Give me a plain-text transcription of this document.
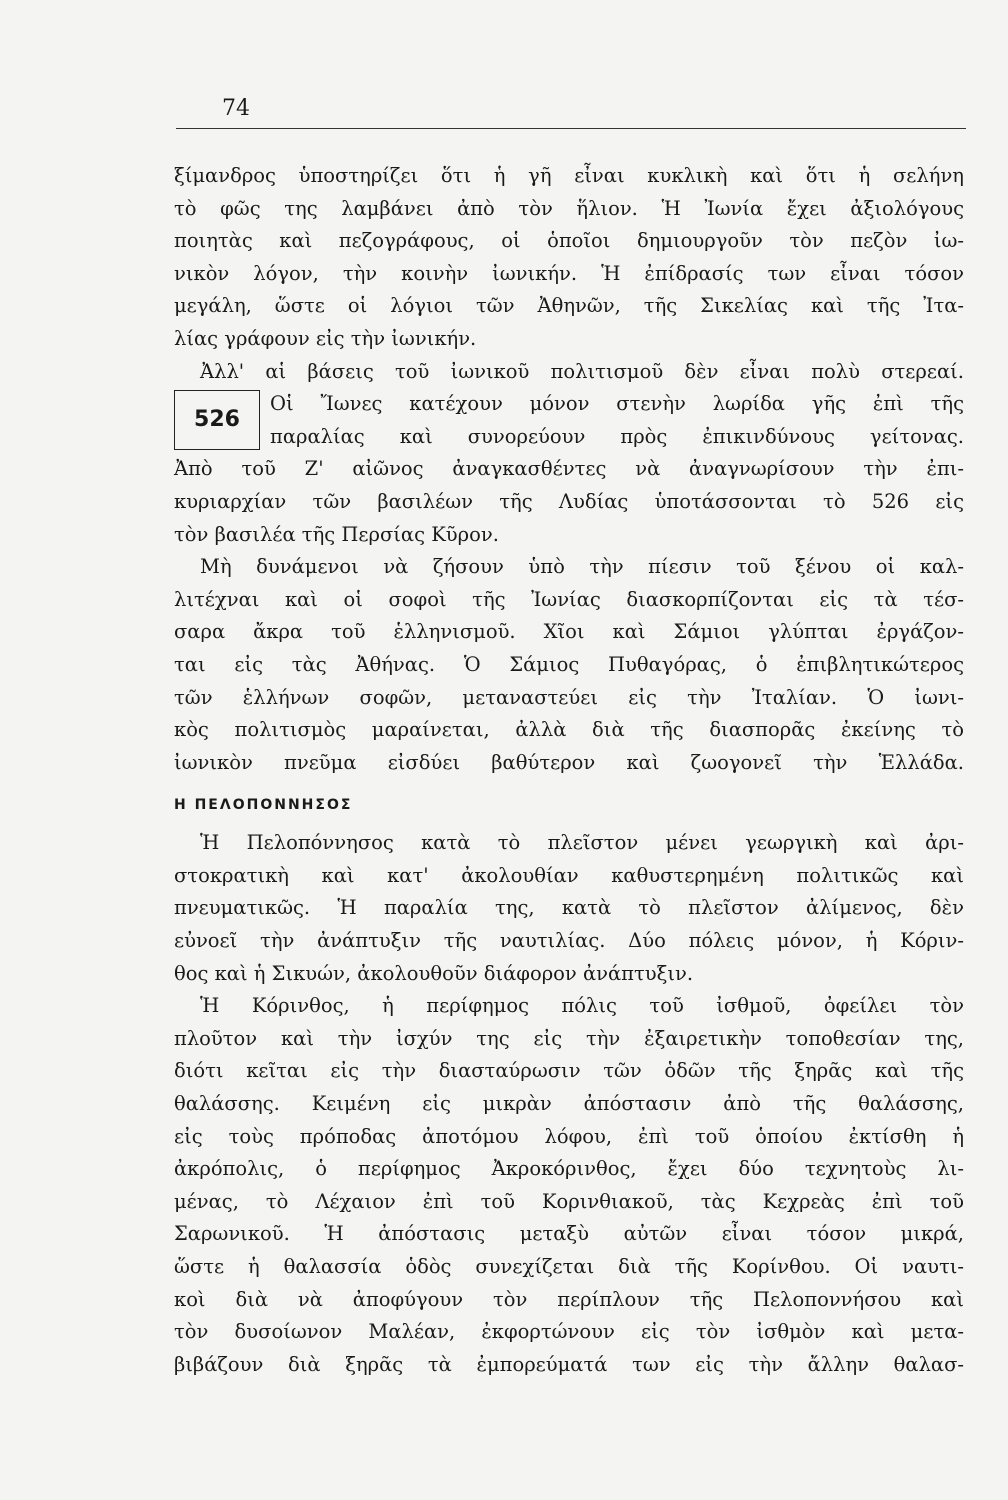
74
ξίμανδρος ὑποστηρίζει ὅτι ἡ γῆ εἶναι κυκλικὴ καὶ ὅτι ἡ σελήνη
τὸ φῶς της λαμβάνει ἀπὸ τὸν ἥλιον. Ἡ Ἰωνία ἔχει ἀξιολόγους
ποιητὰς καὶ πεζογράφους, οἱ ὁποῖοι δημιουργοῦν τὸν πεζὸν ἰω-
νικὸν λόγον, τὴν κοινὴν ἰωνικήν. Ἡ ἐπίδρασίς των εἶναι τόσον
μεγάλη, ὥστε οἱ λόγιοι τῶν Ἀθηνῶν, τῆς Σικελίας καὶ τῆς Ἰτα-
λίας γράφουν εἰς τὴν ἰωνικήν.
Ἀλλ' αἱ βάσεις τοῦ ἰωνικοῦ πολιτισμοῦ δὲν εἶναι πολὺ στερεαί.
526
Οἱ Ἴωνες κατέχουν μόνον στενὴν λωρίδα γῆς ἐπὶ τῆς
παραλίας καὶ συνορεύουν πρὸς ἐπικινδύνους γείτονας.
Ἀπὸ τοῦ Ζ' αἰῶνος ἀναγκασθέντες νὰ ἀναγνωρίσουν τὴν ἐπι-
κυριαρχίαν τῶν βασιλέων τῆς Λυδίας ὑποτάσσονται τὸ 526 εἰς
τὸν βασιλέα τῆς Περσίας Κῦρον.
Μὴ δυνάμενοι νὰ ζήσουν ὑπὸ τὴν πίεσιν τοῦ ξένου οἱ καλ-
λιτέχναι καὶ οἱ σοφοὶ τῆς Ἰωνίας διασκορπίζονται εἰς τὰ τέσ-
σαρα ἄκρα τοῦ ἑλληνισμοῦ. Χῖοι καὶ Σάμιοι γλύπται ἐργάζον-
ται εἰς τὰς Ἀθήνας. Ὁ Σάμιος Πυθαγόρας, ὁ ἐπιβλητικώτερος
τῶν ἑλλήνων σοφῶν, μεταναστεύει εἰς τὴν Ἰταλίαν. Ὁ ἰωνι-
κὸς πολιτισμὸς μαραίνεται, ἀλλὰ διὰ τῆς διασπορᾶς ἐκείνης τὸ
ἰωνικὸν πνεῦμα εἰσδύει βαθύτερον καὶ ζωογονεῖ τὴν Ἑλλάδα.
Η ΠΕΛΟΠΟΝΝΗΣΟΣ
Ἡ Πελοπόννησος κατὰ τὸ πλεῖστον μένει γεωργικὴ καὶ ἀρι-
στοκρατικὴ καὶ κατ' ἀκολουθίαν καθυστερημένη πολιτικῶς καὶ
πνευματικῶς. Ἡ παραλία της, κατὰ τὸ πλεῖστον ἀλίμενος, δὲν
εὐνοεῖ τὴν ἀνάπτυξιν τῆς ναυτιλίας. Δύο πόλεις μόνον, ἡ Κόριν-
θος καὶ ἡ Σικυών, ἀκολουθοῦν διάφορον ἀνάπτυξιν.
Ἡ Κόρινθος, ἡ περίφημος πόλις τοῦ ἰσθμοῦ, ὀφείλει τὸν
πλοῦτον καὶ τὴν ἰσχύν της εἰς τὴν ἐξαιρετικὴν τοποθεσίαν της,
διότι κεῖται εἰς τὴν διασταύρωσιν τῶν ὁδῶν τῆς ξηρᾶς καὶ τῆς
θαλάσσης. Κειμένη εἰς μικρὰν ἀπόστασιν ἀπὸ τῆς θαλάσσης,
εἰς τοὺς πρόποδας ἀποτόμου λόφου, ἐπὶ τοῦ ὁποίου ἐκτίσθη ἡ
ἀκρόπολις, ὁ περίφημος Ἀκροκόρινθος, ἔχει δύο τεχνητοὺς λι-
μένας, τὸ Λέχαιον ἐπὶ τοῦ Κορινθιακοῦ, τὰς Κεχρεὰς ἐπὶ τοῦ
Σαρωνικοῦ. Ἡ ἀπόστασις μεταξὺ αὐτῶν εἶναι τόσον μικρά,
ὥστε ἡ θαλασσία ὁδὸς συνεχίζεται διὰ τῆς Κορίνθου. Οἱ ναυτι-
κοὶ διὰ νὰ ἀποφύγουν τὸν περίπλουν τῆς Πελοποννήσου καὶ
τὸν δυσοίωνον Μαλέαν, ἐκφορτώνουν εἰς τὸν ἰσθμὸν καὶ μετα-
βιβάζουν διὰ ξηρᾶς τὰ ἐμπορεύματά των εἰς τὴν ἄλλην θαλασ-
